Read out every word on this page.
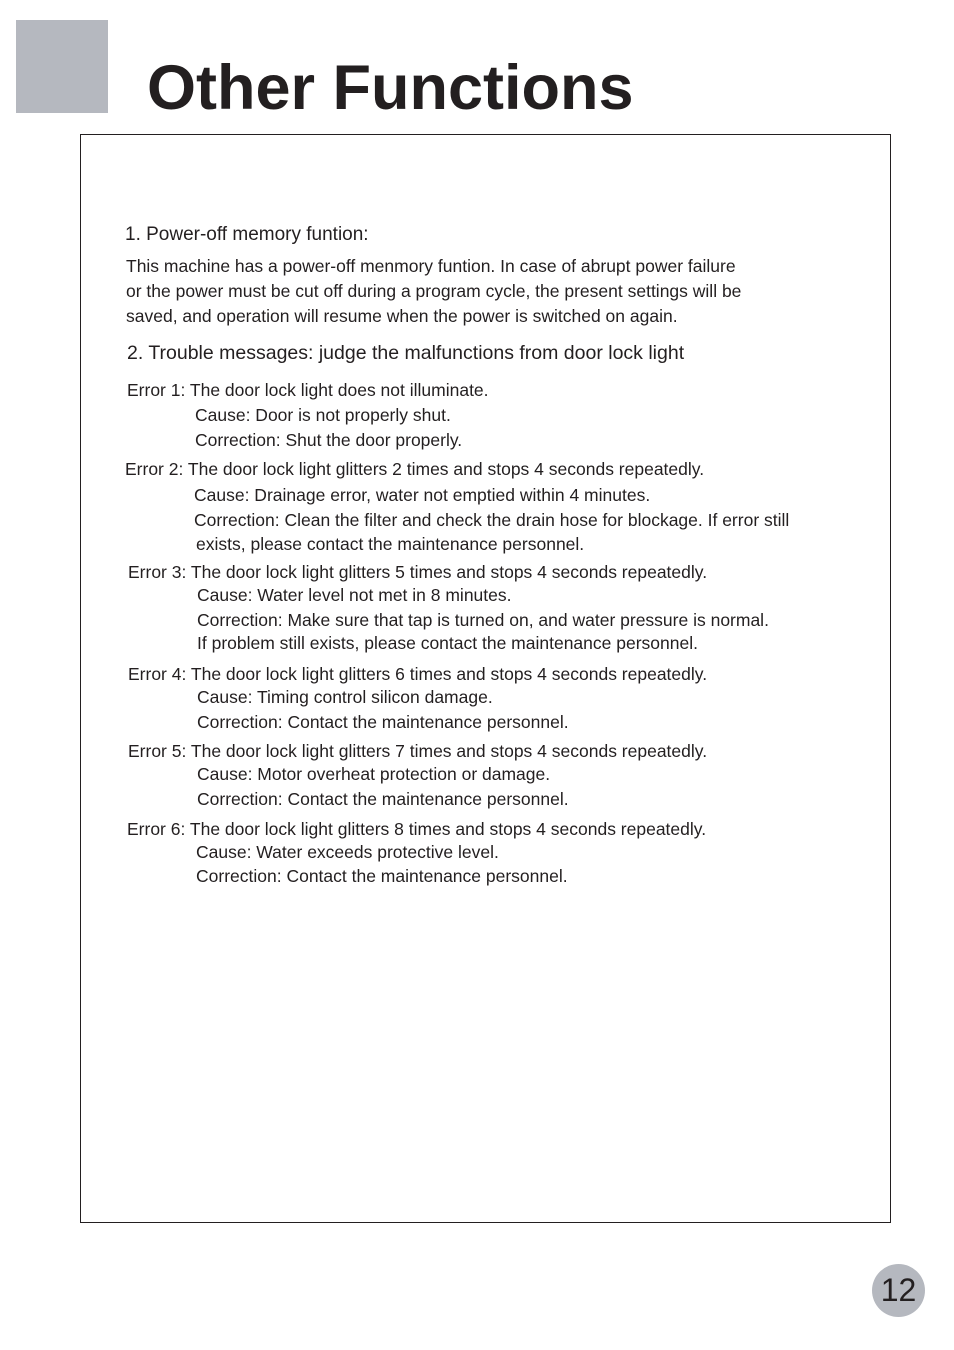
Other Functions

1. Power-off memory funtion:

This machine has a power-off menmory funtion. In case of abrupt power failure

or the power must be cut off during a program cycle, the present settings will be

saved, and operation will resume when the power is switched on again.

2. Trouble messages: judge the malfunctions from door lock light

Error 1: The door lock light does not illuminate.

Cause: Door is not properly shut.

Correction: Shut the door properly.

Error 2: The door lock light glitters 2 times and stops 4 seconds repeatedly.

Cause: Drainage error, water not emptied within 4 minutes.

Correction: Clean the filter and check the drain hose for blockage. If error still

exists, please contact the maintenance personnel.

Error 3: The door lock light glitters 5 times and stops 4 seconds repeatedly.

Cause: Water level not met in 8 minutes.

Correction: Make sure that tap is turned on, and water pressure is normal.

If problem still exists, please contact the maintenance personnel.

Error 4: The door lock light glitters 6 times and stops 4 seconds repeatedly.

Cause: Timing control silicon damage.

Correction: Contact the maintenance personnel.

Error 5: The door lock light glitters 7 times and stops 4 seconds repeatedly.

Cause: Motor overheat protection or damage.

Correction: Contact the maintenance personnel.

Error 6: The door lock light glitters 8 times and stops 4 seconds repeatedly.

Cause: Water exceeds protective level.

Correction: Contact the maintenance personnel.

12
